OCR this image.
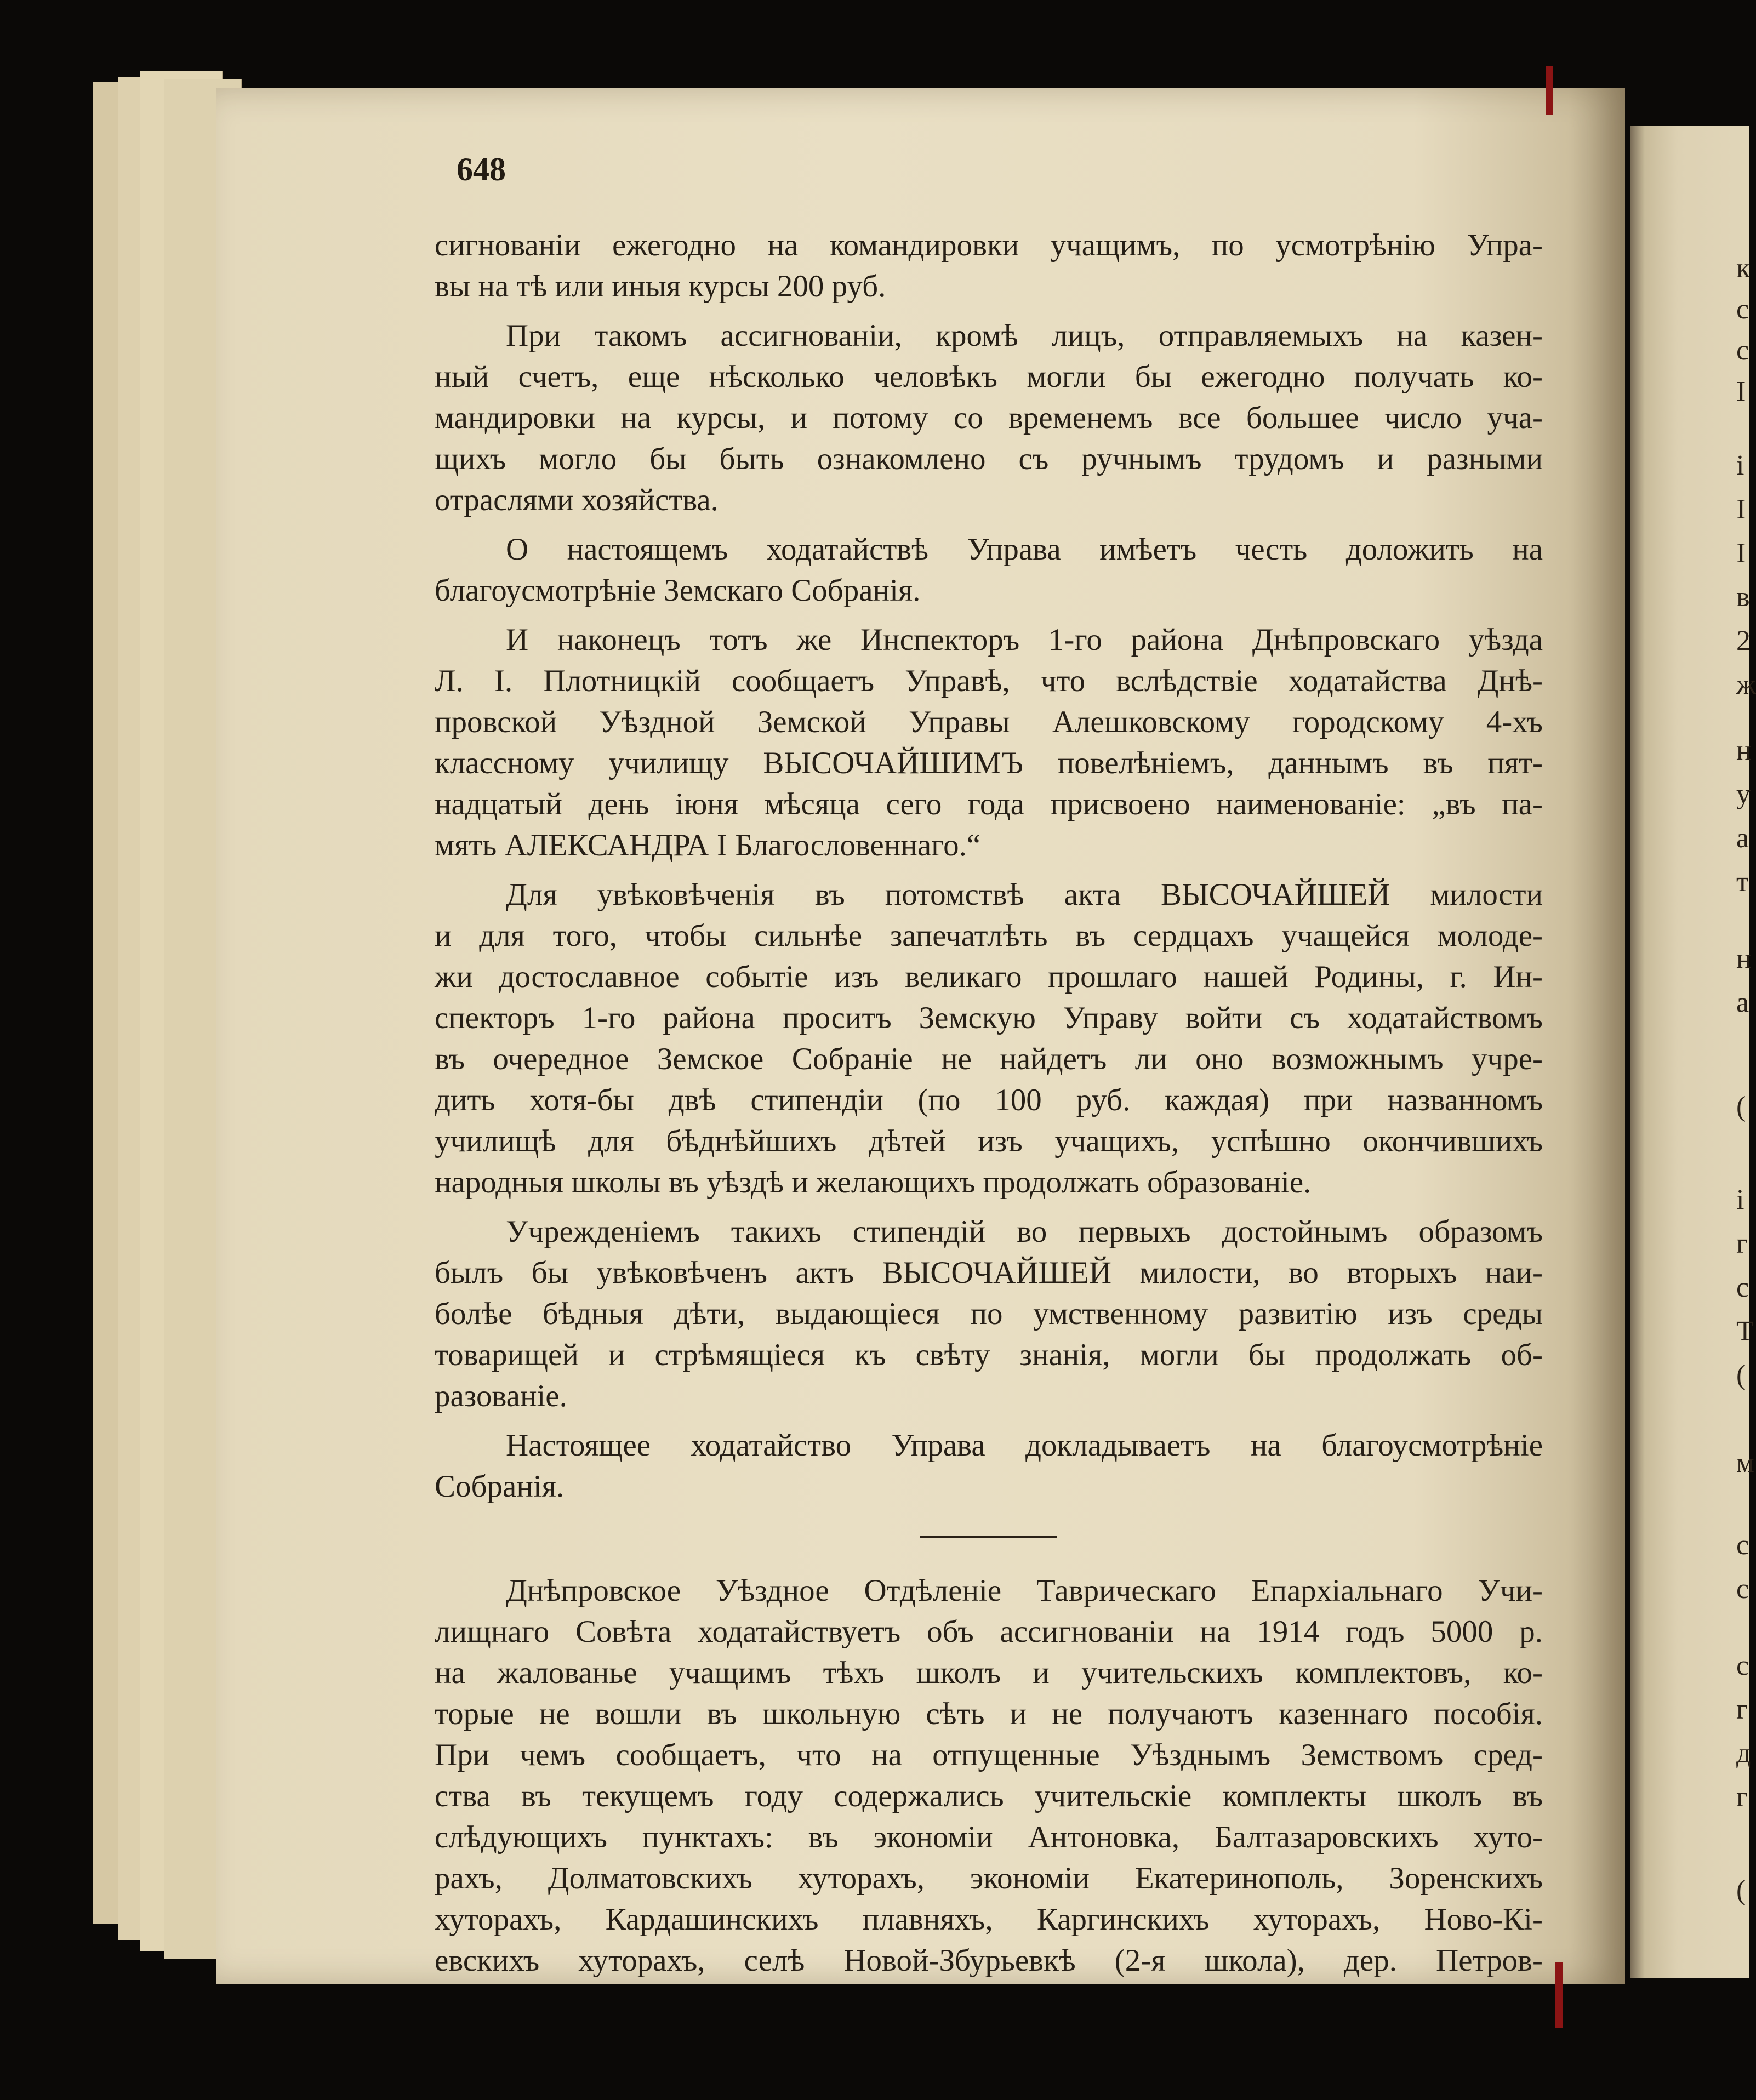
к
с
с
I
і
I
I
в
2
ж
н
у
а
т
н
а
(
і
г
с
Т
(
м
с
с
с
г
д
г
(
648
сигнованіи ежегодно на командировки учащимъ, по усмотрѣнію Упра-
вы на тѣ или иныя курсы 200 руб.
При такомъ ассигнованіи, кромѣ лицъ, отправляемыхъ на казен-
ный счетъ, еще нѣсколько человѣкъ могли бы ежегодно получать ко-
мандировки на курсы, и потому со временемъ все большее число уча-
щихъ могло бы быть ознакомлено съ ручнымъ трудомъ и разными
отраслями хозяйства.
О настоящемъ ходатайствѣ Управа имѣетъ честь доложить на
благоусмотрѣніе Земскаго Собранія.
И наконецъ тотъ же Инспекторъ 1-го района Днѣпровскаго уѣзда
Л. I. Плотницкій сообщаетъ Управѣ, что вслѣдствіе ходатайства Днѣ-
провской Уѣздной Земской Управы Алешковскому городскому 4-хъ
классному училищу ВЫСОЧАЙШИМЪ повелѣніемъ, даннымъ въ пят-
надцатый день іюня мѣсяца сего года присвоено наименованіе: „въ па-
мять АЛЕКСАНДРА I Благословеннаго.“
Для увѣковѣченія въ потомствѣ акта ВЫСОЧАЙШЕЙ милости
и для того, чтобы сильнѣе запечатлѣть въ сердцахъ учащейся молоде-
жи достославное событіе изъ великаго прошлаго нашей Родины, г. Ин-
спекторъ 1-го района проситъ Земскую Управу войти съ ходатайствомъ
въ очередное Земское Собраніе не найдетъ ли оно возможнымъ учре-
дить хотя-бы двѣ стипендіи (по 100 руб. каждая) при названномъ
училищѣ для бѣднѣйшихъ дѣтей изъ учащихъ, успѣшно окончившихъ
народныя школы въ уѣздѣ и желающихъ продолжать образованіе.
Учрежденіемъ такихъ стипендій во первыхъ достойнымъ образомъ
былъ бы увѣковѣченъ актъ ВЫСОЧАЙШЕЙ милости, во вторыхъ наи-
болѣе бѣдныя дѣти, выдающіеся по умственному развитію изъ среды
товарищей и стрѣмящіеся къ свѣту знанія, могли бы продолжать об-
разованіе.
Настоящее ходатайство Управа докладываетъ на благоусмотрѣніе
Собранія.
Днѣпровское Уѣздное Отдѣленіе Таврическаго Епархіальнаго Учи-
лищнаго Совѣта ходатайствуетъ объ ассигнованіи на 1914 годъ 5000 р.
на жалованье учащимъ тѣхъ школъ и учительскихъ комплектовъ, ко-
торые не вошли въ школьную сѣть и не получаютъ казеннаго пособія.
При чемъ сообщаетъ, что на отпущенные Уѣзднымъ Земствомъ сред-
ства въ текущемъ году содержались учительскіе комплекты школъ въ
слѣдующихъ пунктахъ: въ экономіи Антоновка, Балтазаровскихъ хуто-
рахъ, Долматовскихъ хуторахъ, экономіи Екатеринополь, Зоренскихъ
хуторахъ, Кардашинскихъ плавняхъ, Каргинскихъ хуторахъ, Ново-Кі-
евскихъ хуторахъ, селѣ Новой-Збурьевкѣ (2-я школа), дер. Петров-
